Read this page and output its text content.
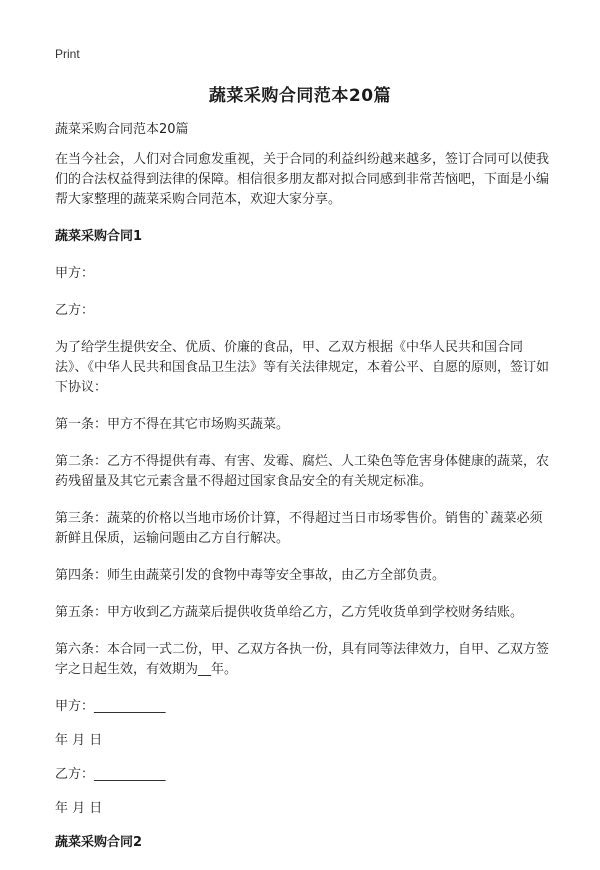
Print
蔬菜采购合同范本20篇

蔬菜采购合同范本20篇

在当今社会，人们对合同愈发重视，关于合同的利益纠纷越来越多，签订合同可以使我们的合法权益得到法律的保障。相信很多朋友都对拟合同感到非常苦恼吧，下面是小编帮大家整理的蔬菜采购合同范本，欢迎大家分享。

蔬菜采购合同1

甲方：

乙方：

为了给学生提供安全、优质、价廉的食品，甲、乙双方根据《中华人民共和国合同法》、《中华人民共和国食品卫生法》等有关法律规定，本着公平、自愿的原则，签订如下协议：

第一条：甲方不得在其它市场购买蔬菜。

第二条：乙方不得提供有毒、有害、发霉、腐烂、人工染色等危害身体健康的蔬菜，农药残留量及其它元素含量不得超过国家食品安全的有关规定标准。

第三条：蔬菜的价格以当地市场价计算，不得超过当日市场零售价。销售的`蔬菜必须新鲜且保质，运输问题由乙方自行解决。

第四条：师生由蔬菜引发的食物中毒等安全事故，由乙方全部负责。

第五条：甲方收到乙方蔬菜后提供收货单给乙方，乙方凭收货单到学校财务结账。

第六条：本合同一式二份，甲、乙双方各执一份，具有同等法律效力，自甲、乙双方签字之日起生效，有效期为__年。

甲方：___________

年 月 日

乙方：___________

年 月 日

蔬菜采购合同2
